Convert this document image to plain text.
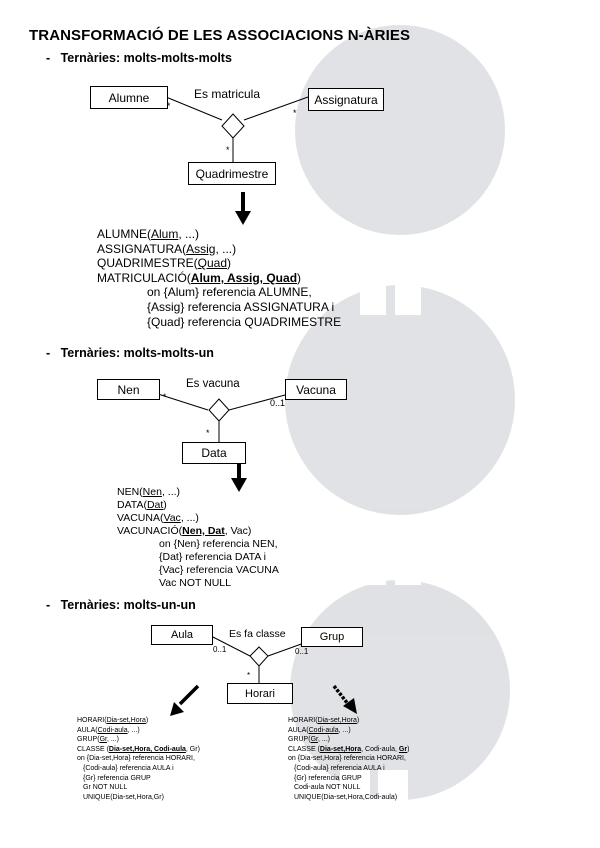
TRANSFORMACIÓ DE LES ASSOCIACIONS N-ÀRIES
- Ternàries: molts-molts-molts
Alumne	Assignatura
Quadrimestre
Es matricula
*
*
*
ALUMNE(Alum, ...)
ASSIGNATURA(Assig, ...)
QUADRIMESTRE(Quad)
MATRICULACIÓ(Alum, Assig, Quad)
on {Alum} referencia ALUMNE,
{Assig} referencia ASSIGNATURA i
{Quad} referencia QUADRIMESTRE
- Ternàries: molts-molts-un
Nen	Vacuna
Data
Es vacuna
*
0..1
*
NEN(Nen, ...)
DATA(Dat)
VACUNA(Vac, ...)
VACUNACIÓ(Nen, Dat, Vac)
on {Nen} referencia NEN,
{Dat} referencia DATA i
{Vac} referencia VACUNA
Vac NOT NULL
- Ternàries: molts-un-un
Aula	Grup
Horari
Es fa classe
0..1	0..1
*
HORARI(Dia-set,Hora)
AULA(Codi-aula, ...)
GRUP(Gr, ...)
CLASSE (Dia-set,Hora, Codi-aula, Gr)
on {Dia-set,Hora} referencia HORARI,
{Codi-aula} referencia AULA i
{Gr} referencia GRUP
Gr NOT NULL
UNIQUE(Dia-set,Hora,Gr)
HORARI(Dia-set,Hora)
AULA(Codi-aula, ...)
GRUP(Gr, ...)
CLASSE (Dia-set,Hora, Codi-aula, Gr)
on {Dia-set,Hora} referencia HORARI,
{Codi-aula} referencia AULA i
{Gr} referencia GRUP
Codi-aula NOT NULL
UNIQUE(Dia-set,Hora,Codi-aula)
